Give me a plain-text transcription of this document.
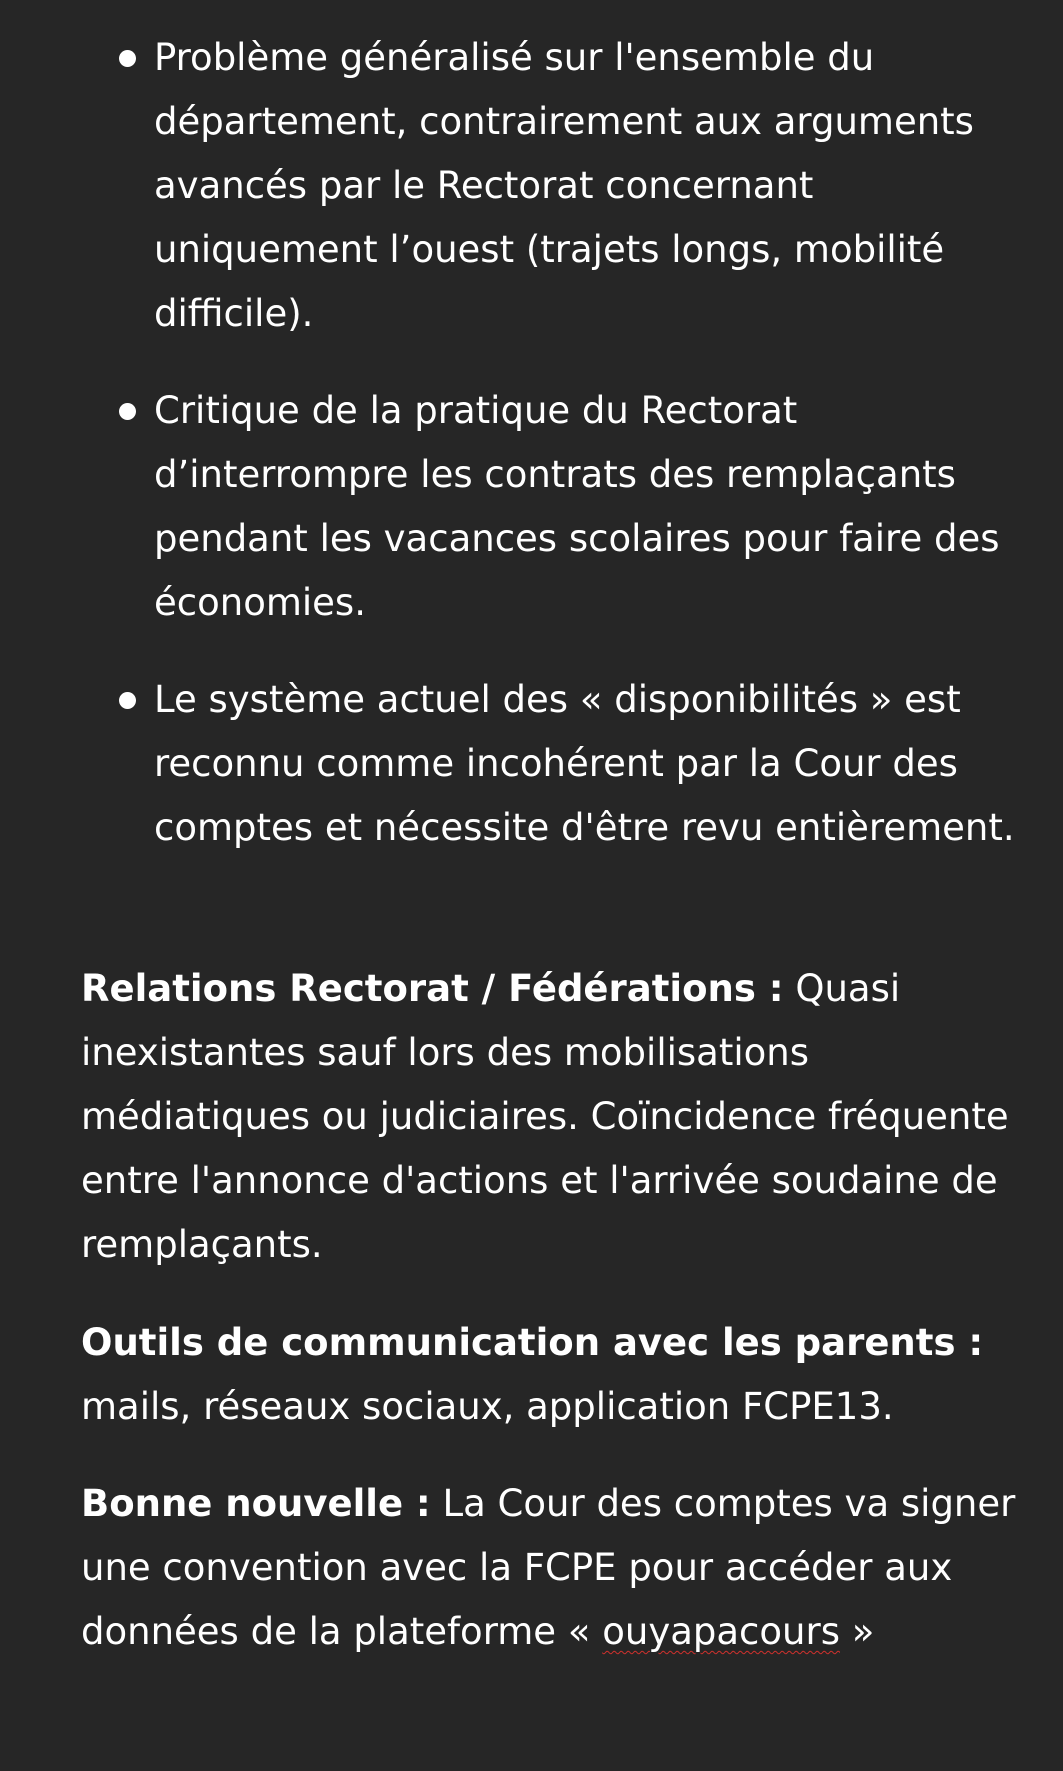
Problème généralisé sur l'ensemble du département, contrairement aux arguments avancés par le Rectorat concernant uniquement l’ouest (trajets longs, mobilité difficile).
Critique de la pratique du Rectorat d’interrompre les contrats des remplaçants pendant les vacances scolaires pour faire des économies.
Le système actuel des « disponibilités » est reconnu comme incohérent par la Cour des comptes et nécessite d'être revu entièrement.

Relations Rectorat / Fédérations : Quasi inexistantes sauf lors des mobilisations médiatiques ou judiciaires. Coïncidence fréquente entre l'annonce d'actions et l'arrivée soudaine de remplaçants.

Outils de communication avec les parents : mails, réseaux sociaux, application FCPE13.

Bonne nouvelle : La Cour des comptes va signer une convention avec la FCPE pour accéder aux données de la plateforme « ouyapacours »
